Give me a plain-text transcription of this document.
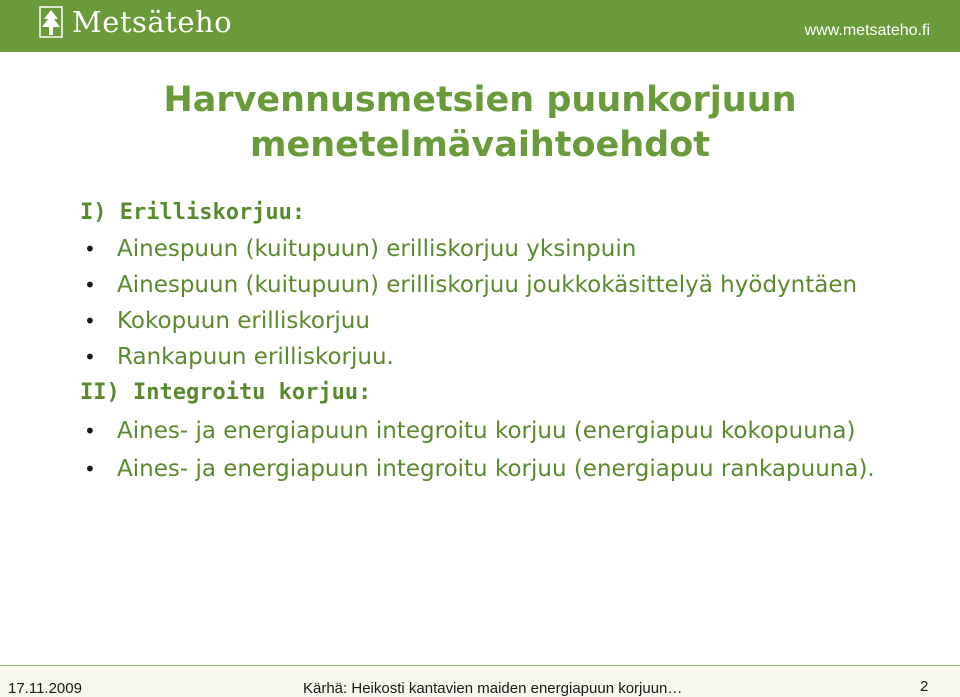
Metsäteho	www.metsateho.fi
Harvennusmetsien puunkorjuun
menetelmävaihtoehdot

I) Erilliskorjuu:

• Ainespuun (kuitupuun) erilliskorjuu yksinpuin
• Ainespuun (kuitupuun) erilliskorjuu joukkokäsittelyä hyödyntäen
• Kokopuun erilliskorjuu
• Rankapuun erilliskorjuu.

II) Integroitu korjuu:

• Aines- ja energiapuun integroitu korjuu (energiapuu kokopuuna)
• Aines- ja energiapuun integroitu korjuu (energiapuu rankapuuna).
17.11.2009	Kärhä: Heikosti kantavien maiden energiapuun korjuun…	2
